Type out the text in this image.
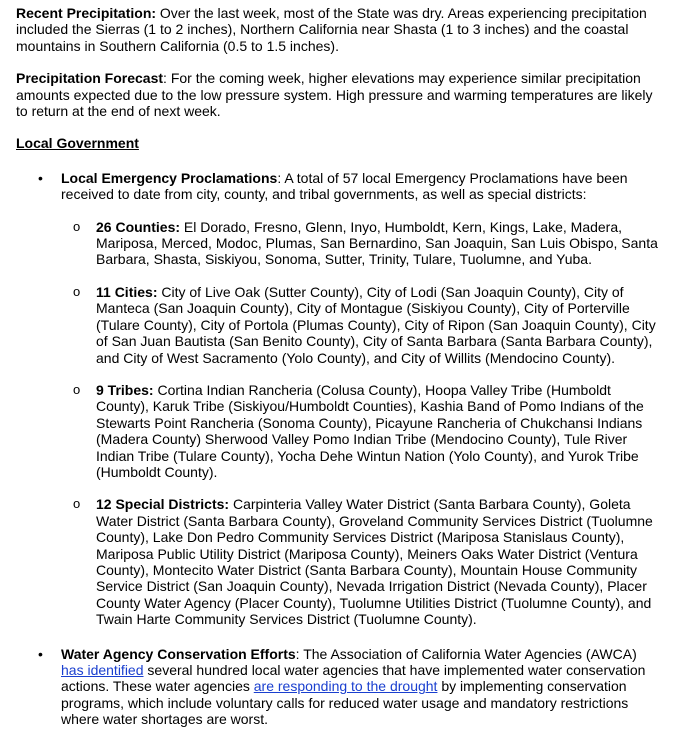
Recent Precipitation: Over the last week, most of the State was dry. Areas experiencing precipitation included the Sierras (1 to 2 inches), Northern California near Shasta (1 to 3 inches) and the coastal mountains in Southern California (0.5 to 1.5 inches).

Precipitation Forecast: For the coming week, higher elevations may experience similar precipitation amounts expected due to the low pressure system. High pressure and warming temperatures are likely to return at the end of next week.

Local Government

• Local Emergency Proclamations: A total of 57 local Emergency Proclamations have been received to date from city, county, and tribal governments, as well as special districts:

o 26 Counties: El Dorado, Fresno, Glenn, Inyo, Humboldt, Kern, Kings, Lake, Madera, Mariposa, Merced, Modoc, Plumas, San Bernardino, San Joaquin, San Luis Obispo, Santa Barbara, Shasta, Siskiyou, Sonoma, Sutter, Trinity, Tulare, Tuolumne, and Yuba.

o 11 Cities: City of Live Oak (Sutter County), City of Lodi (San Joaquin County), City of Manteca (San Joaquin County), City of Montague (Siskiyou County), City of Porterville (Tulare County), City of Portola (Plumas County), City of Ripon (San Joaquin County), City of San Juan Bautista (San Benito County), City of Santa Barbara (Santa Barbara County), and City of West Sacramento (Yolo County), and City of Willits (Mendocino County).

o 9 Tribes: Cortina Indian Rancheria (Colusa County), Hoopa Valley Tribe (Humboldt County), Karuk Tribe (Siskiyou/Humboldt Counties), Kashia Band of Pomo Indians of the Stewarts Point Rancheria (Sonoma County), Picayune Rancheria of Chukchansi Indians (Madera County) Sherwood Valley Pomo Indian Tribe (Mendocino County), Tule River Indian Tribe (Tulare County), Yocha Dehe Wintun Nation (Yolo County), and Yurok Tribe (Humboldt County).

o 12 Special Districts: Carpinteria Valley Water District (Santa Barbara County), Goleta Water District (Santa Barbara County), Groveland Community Services District (Tuolumne County), Lake Don Pedro Community Services District (Mariposa Stanislaus County), Mariposa Public Utility District (Mariposa County), Meiners Oaks Water District (Ventura County), Montecito Water District (Santa Barbara County), Mountain House Community Service District (San Joaquin County), Nevada Irrigation District (Nevada County), Placer County Water Agency (Placer County), Tuolumne Utilities District (Tuolumne County), and Twain Harte Community Services District (Tuolumne County).

• Water Agency Conservation Efforts: The Association of California Water Agencies (AWCA) has identified several hundred local water agencies that have implemented water conservation actions. These water agencies are responding to the drought by implementing conservation programs, which include voluntary calls for reduced water usage and mandatory restrictions where water shortages are worst.
